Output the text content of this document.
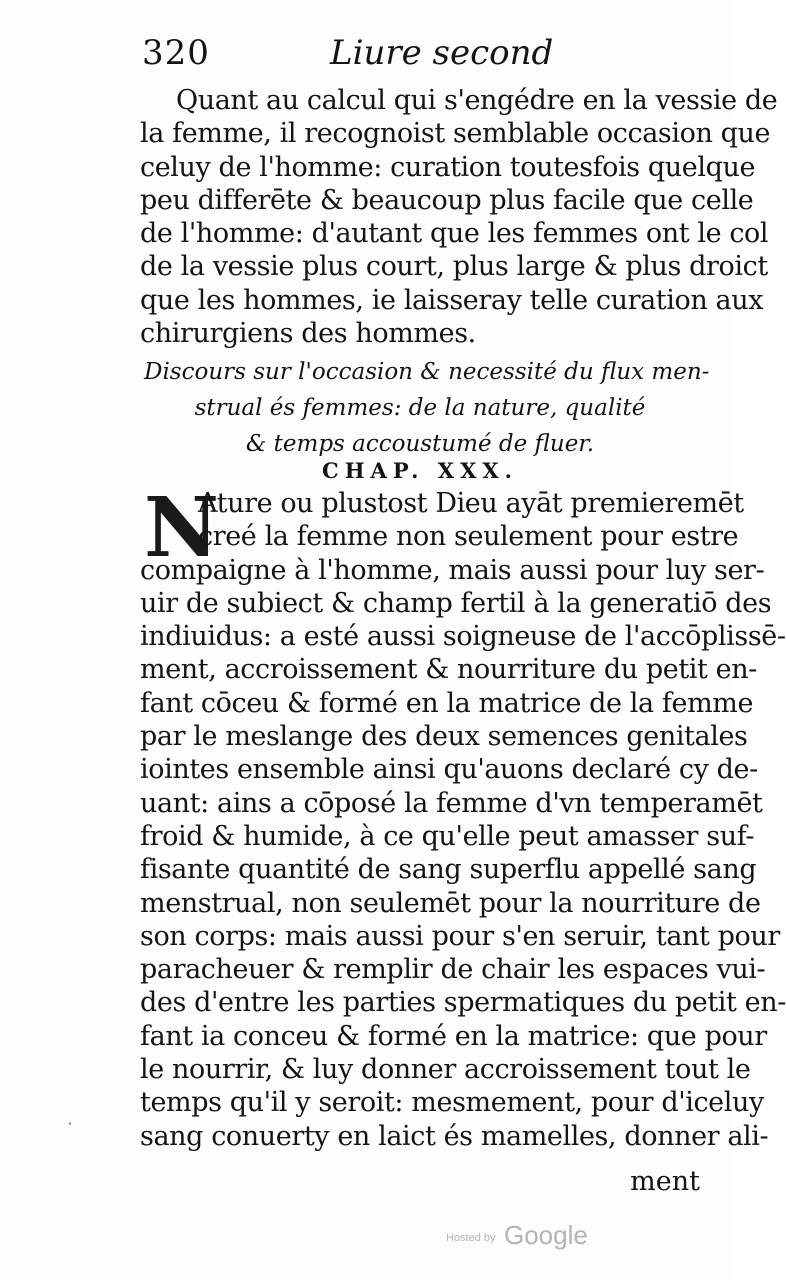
320	Liure second
Quant au calcul qui s'engédre en la vessie de
la femme, il recognoist semblable occasion que
celuy de l'homme: curation toutesfois quelque
peu differēte & beaucoup plus facile que celle
de l'homme: d'autant que les femmes ont le col
de la vessie plus court, plus large & plus droict
que les hommes, ie laisseray telle curation aux
chirurgiens des hommes.
Discours sur l'occasion & necessité du flux men-
strual és femmes: de la nature, qualité
& temps accoustumé de fluer.
CHAP. XXX.
N
Ature ou plustost Dieu ayāt premieremēt
creé la femme non seulement pour estre
compaigne à l'homme, mais aussi pour luy ser-
uir de subiect & champ fertil à la generatiō des
indiuidus: a esté aussi soigneuse de l'accōplissē-
ment, accroissement & nourriture du petit en-
fant cōceu & formé en la matrice de la femme
par le meslange des deux semences genitales
iointes ensemble ainsi qu'auons declaré cy de-
uant: ains a cōposé la femme d'vn temperamēt
froid & humide, à ce qu'elle peut amasser suf-
fisante quantité de sang superflu appellé sang
menstrual, non seulemēt pour la nourriture de
son corps: mais aussi pour s'en seruir, tant pour
paracheuer & remplir de chair les espaces vui-
des d'entre les parties spermatiques du petit en-
fant ia conceu & formé en la matrice: que pour
le nourrir, & luy donner accroissement tout le
temps qu'il y seroit: mesmement, pour d'iceluy
sang conuerty en laict és mamelles, donner ali-
ment
˙
Hosted by Google
